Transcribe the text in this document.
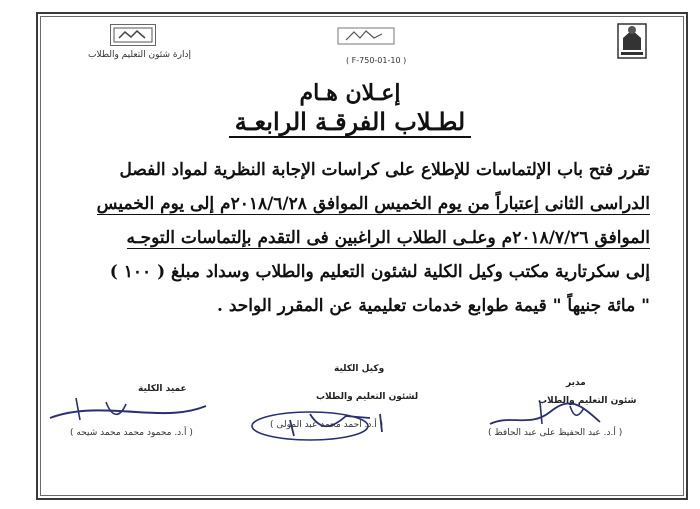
إدارة شئون التعليم والطلاب
( F-750-01-10 )
إعـلان هـام
لطـلاب الفرقـة الرابعـة
تقرر فتح باب الإلتماسات للإطلاع على كراسات الإجابة النظرية لمواد الفصل
الدراسى الثانى إعتباراً من يوم الخميس الموافق ٢٠١٨/٦/٢٨م إلى يوم الخميس
الموافق ٢٠١٨/٧/٢٦م وعلـى الطلاب الراغبين فى التقدم بإلتماسات التوجـه
إلى سكرتارية مكتب وكيل الكلية لشئون التعليم والطلاب وسداد مبلغ ( ١٠٠ )
" مائة جنيهاً " قيمة طوابع خدمات تعليمية عن المقرر الواحد .
عميد الكلية
( أ.د. محمود محمد محمد شيحه )
وكيل الكلية
لشئون التعليم والطلاب
( أ.د. احمد محمد عبد المولى )
مدير
شئون التعليم والطلاب
( أ.د. عبد الحفيظ على عبد الحافظ )
